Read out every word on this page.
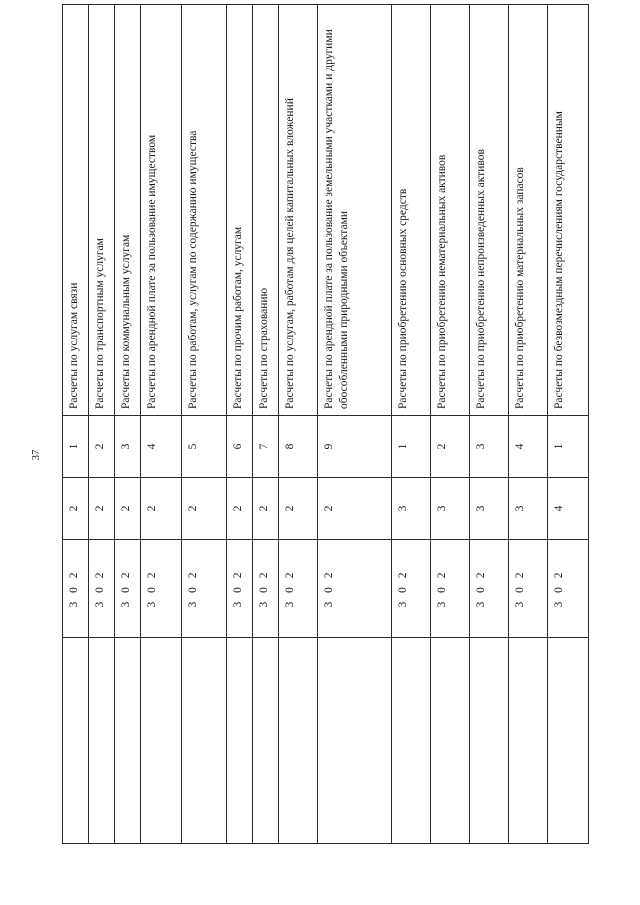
37

	3 0 2	2	1	Расчеты по услугам связи
	3 0 2	2	2	Расчеты по транспортным услугам
	3 0 2	2	3	Расчеты по коммунальным услугам
	3 0 2	2	4	Расчеты по арендной плате за пользование имуществом
	3 0 2	2	5	Расчеты по работам, услугам по содержанию имущества
	3 0 2	2	6	Расчеты по прочим работам, услугам
	3 0 2	2	7	Расчеты по страхованию
	3 0 2	2	8	Расчеты по услугам, работам для целей капитальных вложений
	3 0 2	2	9	Расчеты по арендной плате за пользование земельными участками и другими обособленными природными объектами
	3 0 2	3	1	Расчеты по приобретению основных средств
	3 0 2	3	2	Расчеты по приобретению нематериальных активов
	3 0 2	3	3	Расчеты по приобретению непроизведенных активов
	3 0 2	3	4	Расчеты по приобретению материальных запасов
	3 0 2	4	1	Расчеты по безвозмездным перечислениям государственным
